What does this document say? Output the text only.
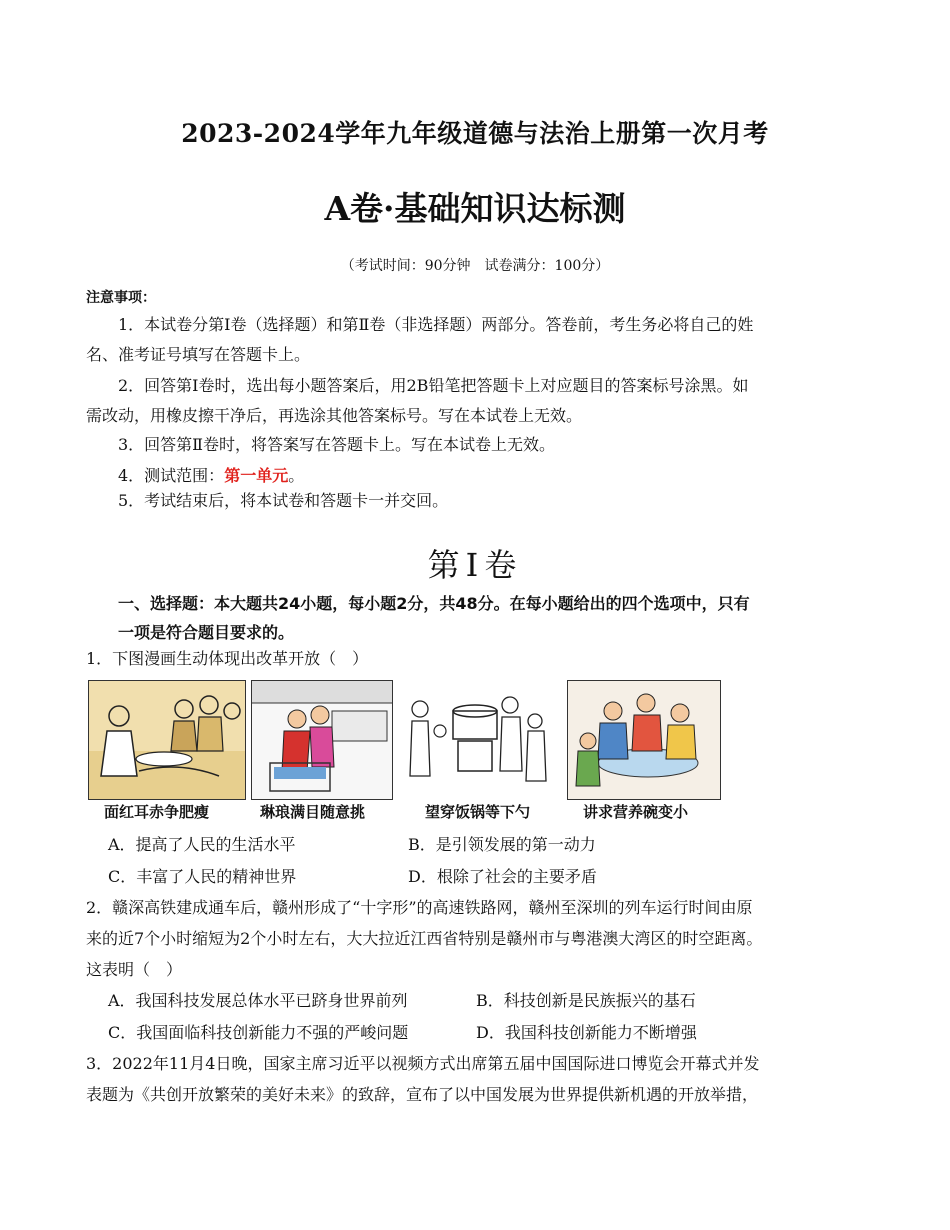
2023-2024学年九年级道德与法治上册第一次月考
A卷·基础知识达标测
（考试时间：90分钟　试卷满分：100分）
注意事项：
1．本试卷分第Ⅰ卷（选择题）和第Ⅱ卷（非选择题）两部分。答卷前，考生务必将自己的姓
名、准考证号填写在答题卡上。
2．回答第Ⅰ卷时，选出每小题答案后，用2B铅笔把答题卡上对应题目的答案标号涂黑。如
需改动，用橡皮擦干净后，再选涂其他答案标号。写在本试卷上无效。
3．回答第Ⅱ卷时，将答案写在答题卡上。写在本试卷上无效。
4．测试范围：第一单元。
5．考试结束后，将本试卷和答题卡一并交回。
第Ⅰ卷
一、选择题：本大题共24小题，每小题2分，共48分。在每小题给出的四个选项中，只有
一项是符合题目要求的。
1．下图漫画生动体现出改革开放（　）
面红耳赤争肥瘦	琳琅满目随意挑	望穿饭锅等下勺	讲求营养碗变小
A．提高了人民的生活水平	B．是引领发展的第一动力
C．丰富了人民的精神世界	D．根除了社会的主要矛盾
2．赣深高铁建成通车后，赣州形成了“十字形”的高速铁路网，赣州至深圳的列车运行时间由原
来的近7个小时缩短为2个小时左右，大大拉近江西省特别是赣州市与粤港澳大湾区的时空距离。
这表明（　）
A．我国科技发展总体水平已跻身世界前列	B．科技创新是民族振兴的基石
C．我国面临科技创新能力不强的严峻问题	D．我国科技创新能力不断增强
3．2022年11月4日晚，国家主席习近平以视频方式出席第五届中国国际进口博览会开幕式并发
表题为《共创开放繁荣的美好未来》的致辞，宣布了以中国发展为世界提供新机遇的开放举措，
